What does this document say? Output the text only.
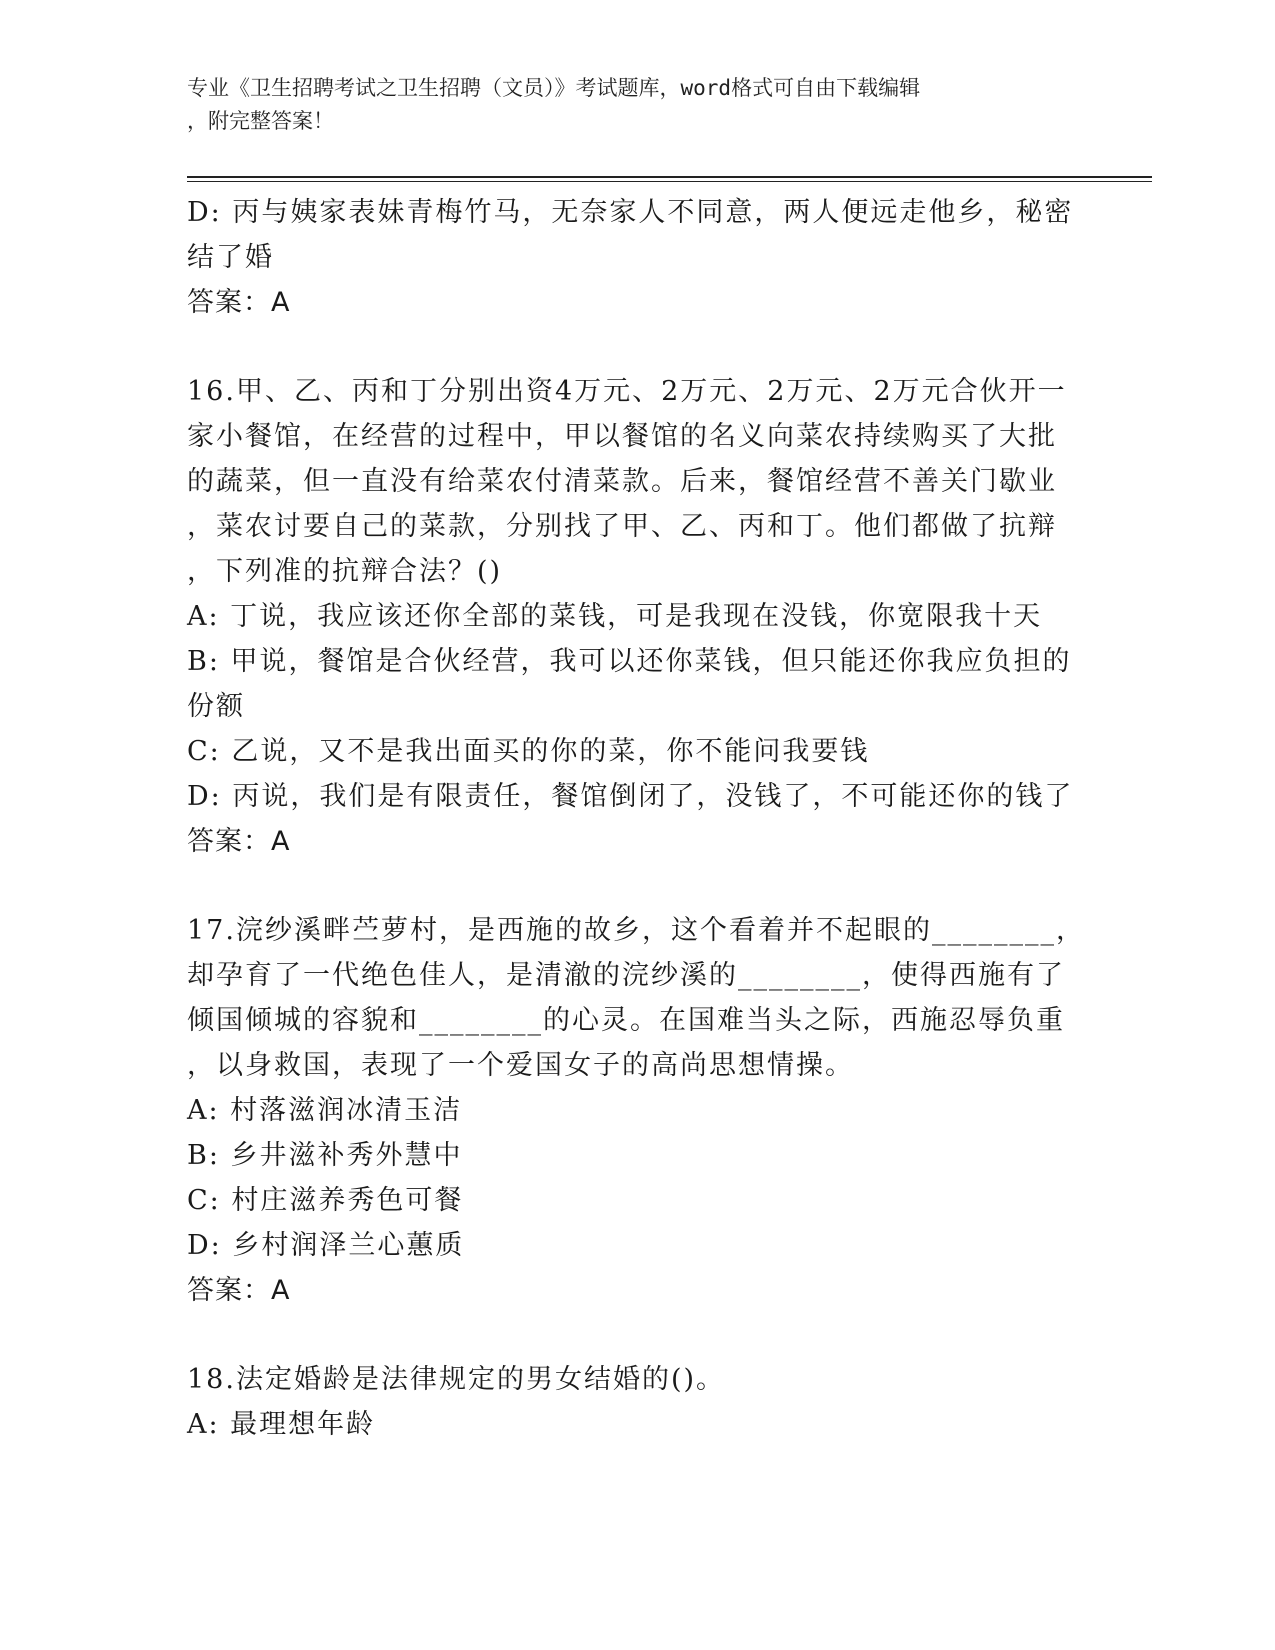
专业《卫生招聘考试之卫生招聘（文员）》考试题库，word格式可自由下载编辑
，附完整答案！
D: 丙与姨家表妹青梅竹马，无奈家人不同意，两人便远走他乡，秘密
结了婚
答案：A
16.甲、乙、丙和丁分别出资4万元、2万元、2万元、2万元合伙开一
家小餐馆，在经营的过程中，甲以餐馆的名义向菜农持续购买了大批
的蔬菜，但一直没有给菜农付清菜款。后来，餐馆经营不善关门歇业
，菜农讨要自己的菜款，分别找了甲、乙、丙和丁。他们都做了抗辩
，下列准的抗辩合法？()
A: 丁说，我应该还你全部的菜钱，可是我现在没钱，你宽限我十天
B: 甲说，餐馆是合伙经营，我可以还你菜钱，但只能还你我应负担的
份额
C: 乙说，又不是我出面买的你的菜，你不能问我要钱
D: 丙说，我们是有限责任，餐馆倒闭了，没钱了，不可能还你的钱了
答案：A
17.浣纱溪畔苎萝村，是西施的故乡，这个看着并不起眼的________，
却孕育了一代绝色佳人，是清澈的浣纱溪的________，使得西施有了
倾国倾城的容貌和________的心灵。在国难当头之际，西施忍辱负重
，以身救国，表现了一个爱国女子的高尚思想情操。
A: 村落滋润冰清玉洁
B: 乡井滋补秀外慧中
C: 村庄滋养秀色可餐
D: 乡村润泽兰心蕙质
答案：A
18.法定婚龄是法律规定的男女结婚的()。
A: 最理想年龄
